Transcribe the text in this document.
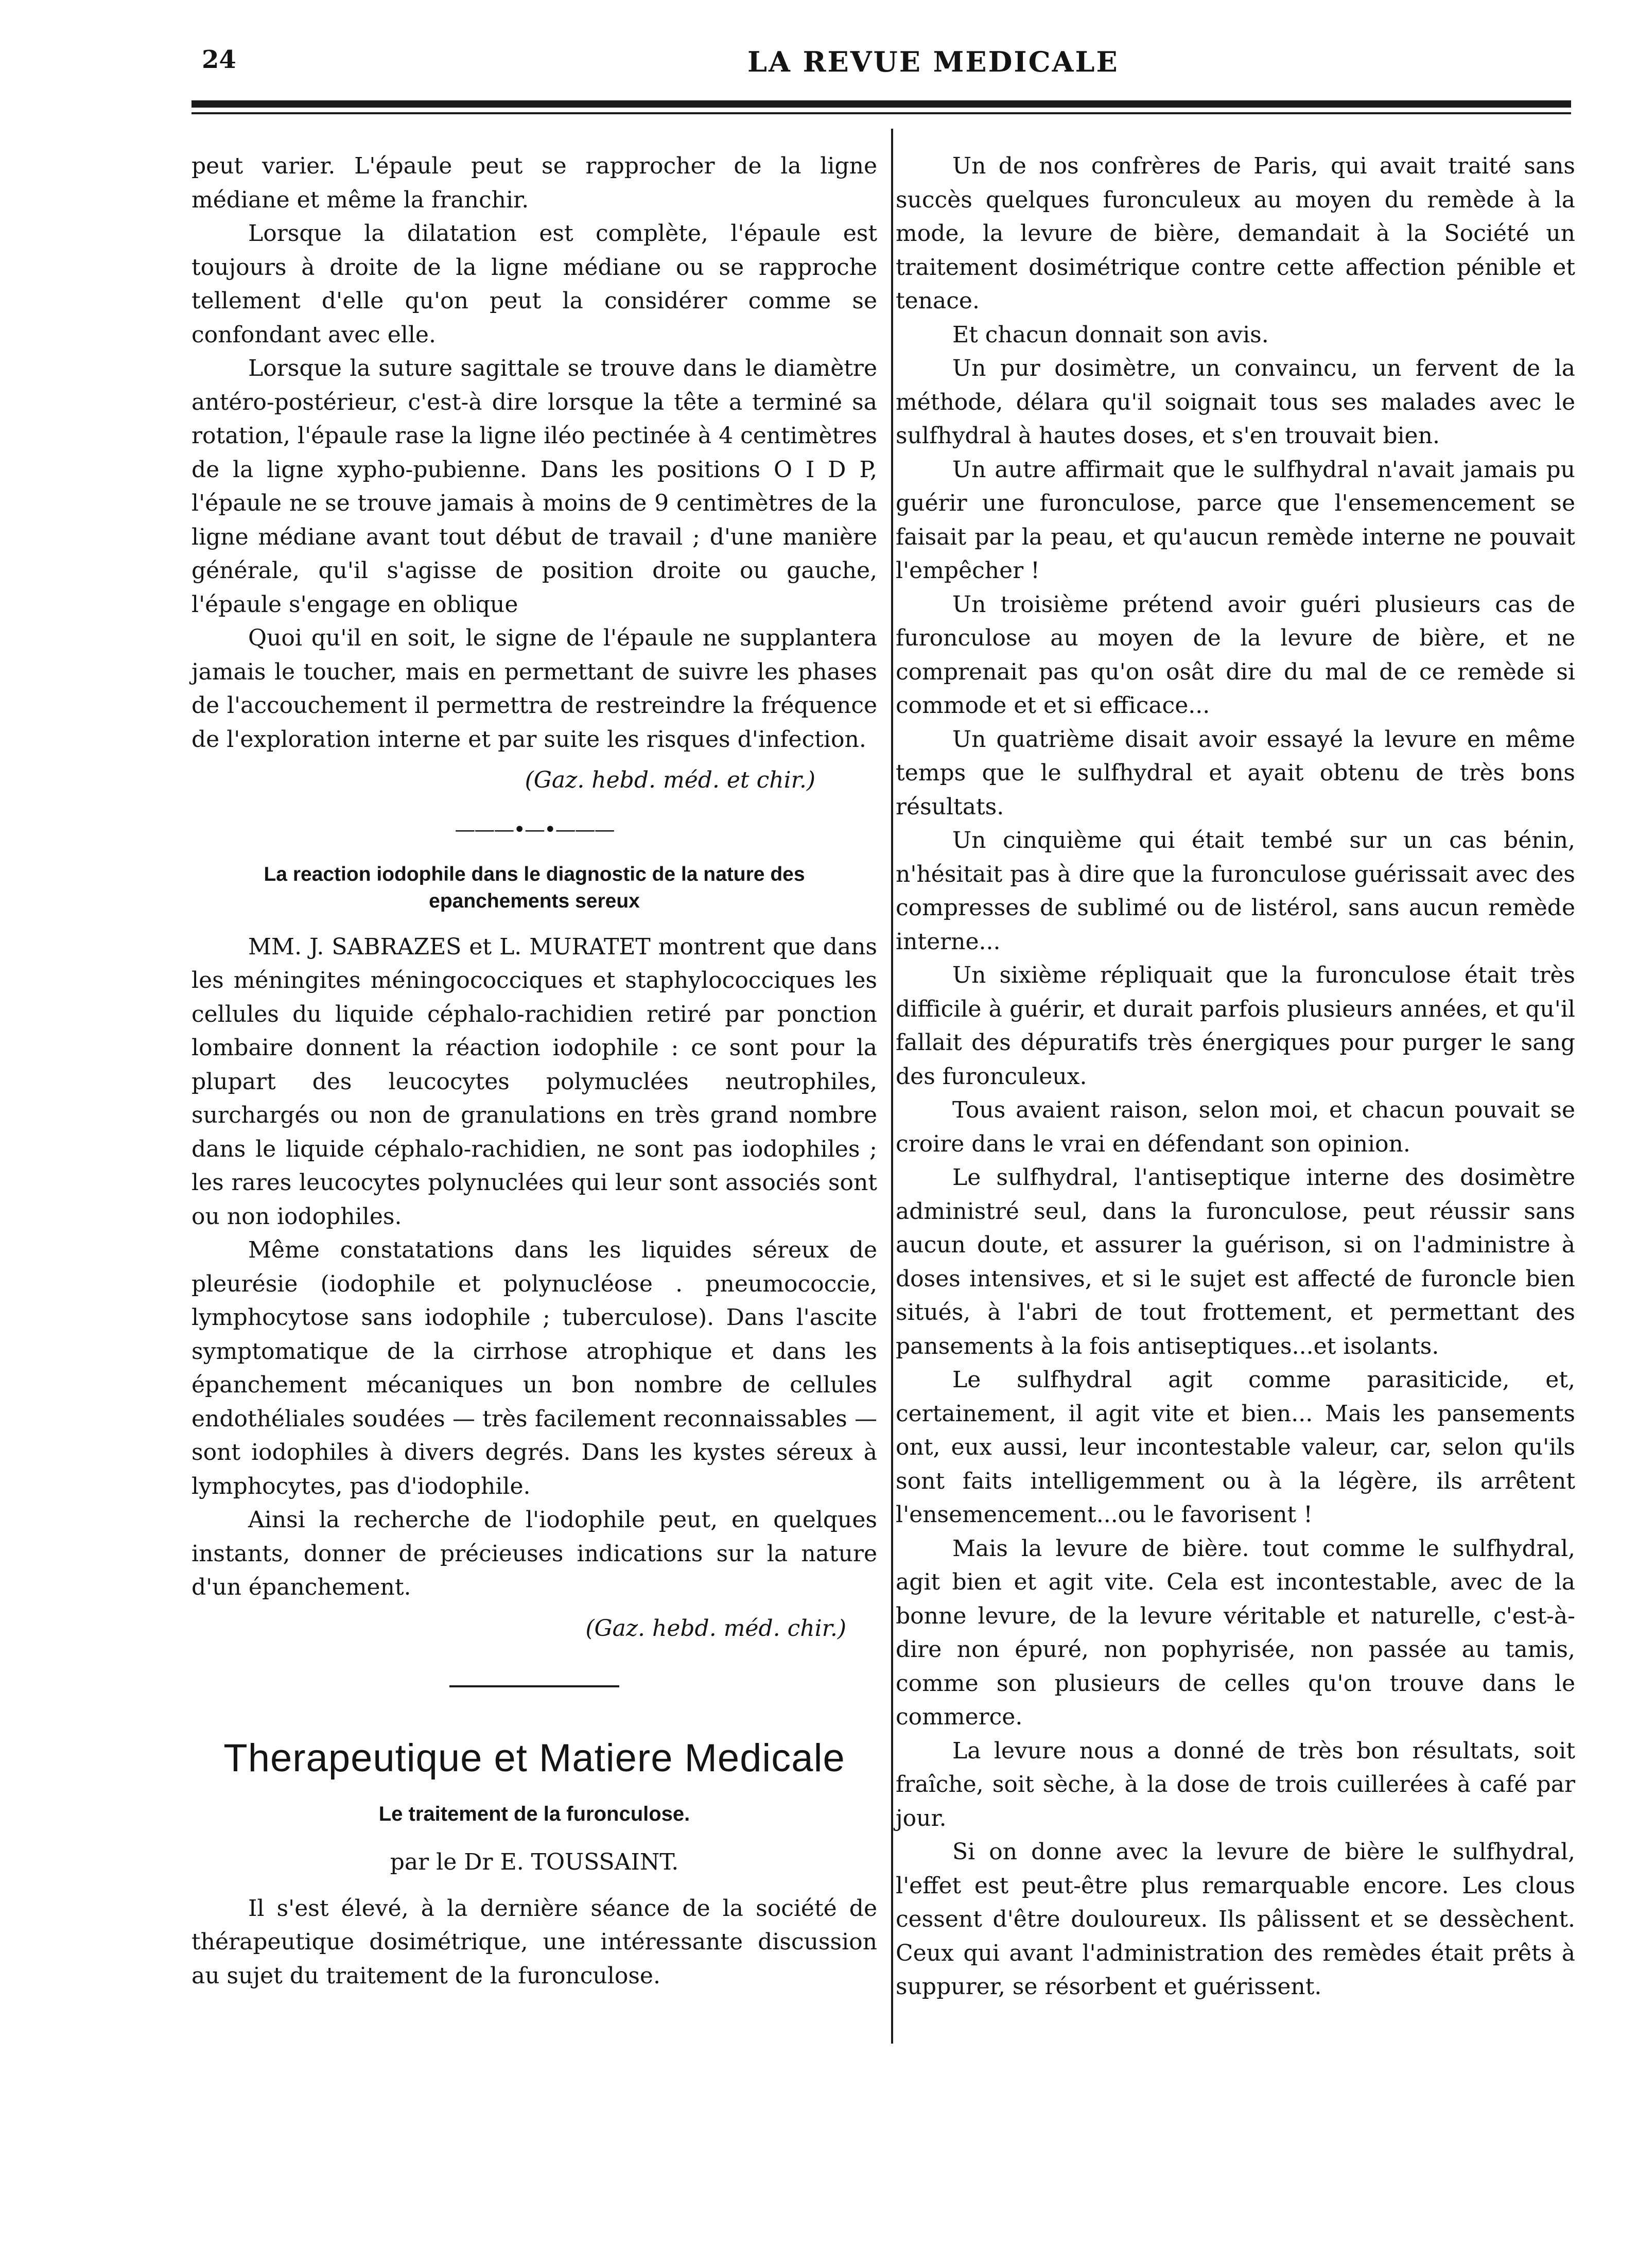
24	LA REVUE MEDICALE

peut varier. L'épaule peut se rapprocher de la ligne médiane et même la franchir.

Lorsque la dilatation est complète, l'épaule est toujours à droite de la ligne médiane ou se rapproche tellement d'elle qu'on peut la considérer comme se confondant avec elle.

Lorsque la suture sagittale se trouve dans le diamètre antéro-postérieur, c'est-à dire lorsque la tête a terminé sa rotation, l'épaule rase la ligne iléo pectinée à 4 centimètres de la ligne xypho-pubienne. Dans les positions O I D P, l'épaule ne se trouve jamais à moins de 9 centimètres de la ligne médiane avant tout début de travail ; d'une manière générale, qu'il s'agisse de position droite ou gauche, l'épaule s'engage en oblique

Quoi qu'il en soit, le signe de l'épaule ne supplantera jamais le toucher, mais en permettant de suivre les phases de l'accouchement il permettra de restreindre la fréquence de l'exploration interne et par suite les risques d'infection.

(Gaz. hebd. méd. et chir.)

———•—•———
La reaction iodophile dans le diagnostic de la nature des epanchements sereux

MM. J. SABRAZES et L. MURATET montrent que dans les méningites méningococciques et staphylococciques les cellules du liquide céphalo-rachidien retiré par ponction lombaire donnent la réaction iodophile : ce sont pour la plupart des leucocytes polymuclées neutrophiles, surchargés ou non de granulations en très grand nombre dans le liquide céphalo-rachidien, ne sont pas iodophiles ; les rares leucocytes polynuclées qui leur sont associés sont ou non iodophiles.

Même constatations dans les liquides séreux de pleurésie (iodophile et polynucléose . pneumococcie, lymphocytose sans iodophile ; tuberculose). Dans l'ascite symptomatique de la cirrhose atrophique et dans les épanchement mécaniques un bon nombre de cellules endothéliales soudées — très facilement reconnaissables —sont iodophiles à divers degrés. Dans les kystes séreux à lymphocytes, pas d'iodophile.

Ainsi la recherche de l'iodophile peut, en quelques instants, donner de précieuses indications sur la nature d'un épanchement.

(Gaz. hebd. méd. chir.)

Therapeutique et Matiere Medicale
Le traitement de la furonculose.

par le Dr E. TOUSSAINT.

Il s'est élevé, à la dernière séance de la société de thérapeutique dosimétrique, une intéressante discussion au sujet du traitement de la furonculose.

Un de nos confrères de Paris, qui avait traité sans succès quelques furonculeux au moyen du remède à la mode, la levure de bière, demandait à la Société un traitement dosimétrique contre cette affection pénible et tenace.

Et chacun donnait son avis.

Un pur dosimètre, un convaincu, un fervent de la méthode, délara qu'il soignait tous ses malades avec le sulfhydral à hautes doses, et s'en trouvait bien.

Un autre affirmait que le sulfhydral n'avait jamais pu guérir une furonculose, parce que l'ensemencement se faisait par la peau, et qu'aucun remède interne ne pouvait l'empêcher !

Un troisième prétend avoir guéri plusieurs cas de furonculose au moyen de la levure de bière, et ne comprenait pas qu'on osât dire du mal de ce remède si commode et et si efficace...

Un quatrième disait avoir essayé la levure en même temps que le sulfhydral et ayait obtenu de très bons résultats.

Un cinquième qui était tembé sur un cas bénin, n'hésitait pas à dire que la furonculose guérissait avec des compresses de sublimé ou de listérol, sans aucun remède interne...

Un sixième répliquait que la furonculose était très difficile à guérir, et durait parfois plusieurs années, et qu'il fallait des dépuratifs très énergiques pour purger le sang des furonculeux.

Tous avaient raison, selon moi, et chacun pouvait se croire dans le vrai en défendant son opinion.

Le sulfhydral, l'antiseptique interne des dosimètre administré seul, dans la furonculose, peut réussir sans aucun doute, et assurer la guérison, si on l'administre à doses intensives, et si le sujet est affecté de furoncle bien situés, à l'abri de tout frottement, et permettant des pansements à la fois antiseptiques...et isolants.

Le sulfhydral agit comme parasiticide, et, certainement, il agit vite et bien... Mais les pansements ont, eux aussi, leur incontestable valeur, car, selon qu'ils sont faits intelligemment ou à la légère, ils arrêtent l'ensemencement...ou le favorisent !

Mais la levure de bière. tout comme le sulfhydral, agit bien et agit vite. Cela est incontestable, avec de la bonne levure, de la levure véritable et naturelle, c'est-à-dire non épuré, non pophyrisée, non passée au tamis, comme son plusieurs de celles qu'on trouve dans le commerce.

La levure nous a donné de très bon résultats, soit fraîche, soit sèche, à la dose de trois cuillerées à café par jour.

Si on donne avec la levure de bière le sulfhydral, l'effet est peut-être plus remarquable encore. Les clous cessent d'être douloureux. Ils pâlissent et se dessèchent. Ceux qui avant l'administration des remèdes était prêts à suppurer, se résorbent et guérissent.
